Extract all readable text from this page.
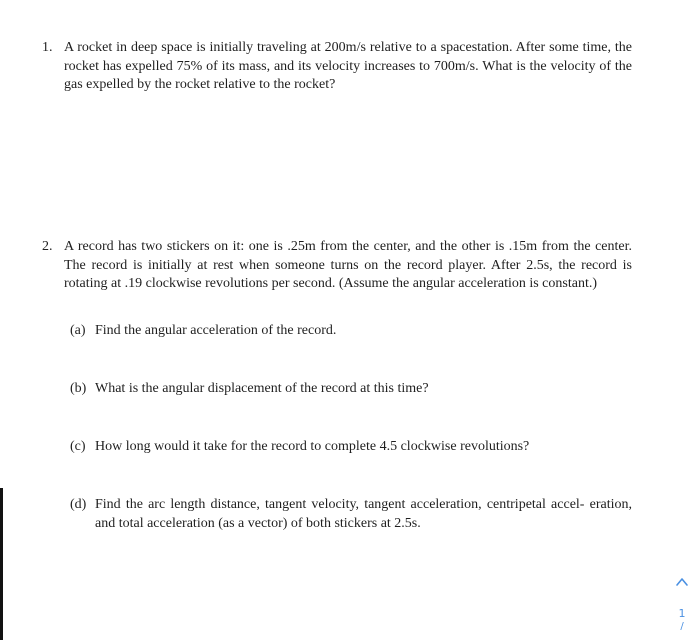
1. A rocket in deep space is initially traveling at 200m/s relative to a spacestation. After some time, the rocket has expelled 75% of its mass, and its velocity increases to 700m/s. What is the velocity of the gas expelled by the rocket relative to the rocket?
2. A record has two stickers on it: one is .25m from the center, and the other is .15m from the center. The record is initially at rest when someone turns on the record player. After 2.5s, the record is rotating at .19 clockwise revolutions per second. (Assume the angular acceleration is constant.)
(a) Find the angular acceleration of the record.
(b) What is the angular displacement of the record at this time?
(c) How long would it take for the record to complete 4.5 clockwise revolutions?
(d) Find the arc length distance, tangent velocity, tangent acceleration, centripetal accel- eration, and total acceleration (as a vector) of both stickers at 2.5s.
1
/
